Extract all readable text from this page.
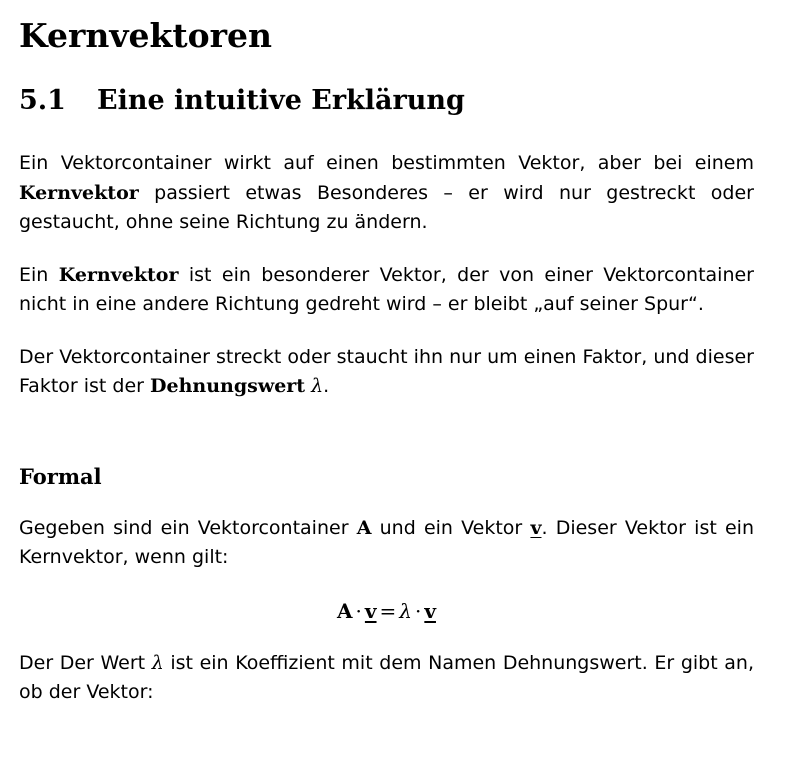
Kernvektoren
5.1	Eine intuitive Erklärung

Ein Vektorcontainer wirkt auf einen bestimmten Vektor, aber bei einem Kernvektor passiert etwas Besonderes – er wird nur gestreckt oder gestaucht, ohne seine Richtung zu ändern.

Ein Kernvektor ist ein besonderer Vektor, der von einer Vektorcontainer nicht in eine andere Richtung gedreht wird – er bleibt „auf seiner Spur“.

Der Vektorcontainer streckt oder staucht ihn nur um einen Faktor, und dieser Faktor ist der Dehnungswert λ.

Formal

Gegeben sind ein Vektorcontainer A und ein Vektor v. Dieser Vektor ist ein Kernvektor, wenn gilt:

A · v = λ · v

Der Der Wert λ ist ein Koeffizient mit dem Namen Dehnungswert. Er gibt an, ob der Vektor:
